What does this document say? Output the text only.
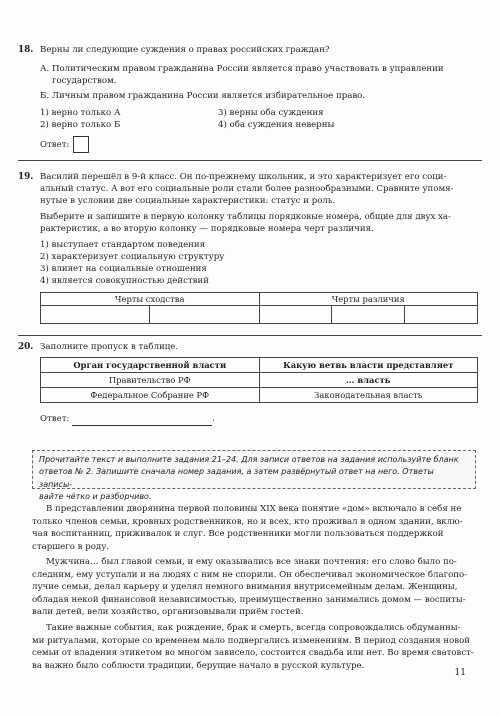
18. Верны ли следующие суждения о правах российских граждан?
А. Политическим правом гражданина России является право участвовать в управлении
государством.
Б. Личным правом гражданина России является избирательное право.
1) верно только А
2) верно только Б
3) верны оба суждения
4) оба суждения неверны
Ответ:
19. Василий перешёл в 9-й класс. Он по-прежнему школьник, и это характеризует его соци-
альный статус. А вот его социальные роли стали более разнообразными. Сравните упомя-
нутые в условии две социальные характеристики: статус и роль.
Выберите и запишите в первую колонку таблицы порядковые номера, общие для двух ха-
рактеристик, а во вторую колонку — порядковые номера черт различия.
1) выступает стандартом поведения
2) характеризует социальную структуру
3) влияет на социальные отношения
4) является совокупностью действий
Черты сходства		Черты различия		

20. Заполните пропуск в таблице.
Орган государственной власти	Какую ветвь власти представляет
Правительство РФ	… власть
Федеральное Собрание РФ	Законодательная власть
Ответ:	.
Прочитайте текст и выполните задания 21–24. Для записи ответов на задания используйте бланк
ответов № 2. Запишите сначала номер задания, а затем развёрнутый ответ на него. Ответы записы-
вайте чётко и разборчиво.
В представлении дворянина первой половины XIX века понятие «дом» включало в себя не
только членов семьи, кровных родственников, но и всех, кто проживал в одном здании, вклю-
чая воспитанниц, приживалок и слуг. Все родственники могли пользоваться поддержкой
старшего в роду.
Мужчина… был главой семьи, и ему оказывались все знаки почтения: его слово было по-
следним, ему уступали и на людях с ним не спорили. Он обеспечивал экономическое благопо-
лучие семьи, делал карьеру и уделял немного внимания внутрисемейным делам. Женщины,
обладая некой финансовой независимостью, преимущественно занимались домом — воспиты-
вали детей, вели хозяйство, организовывали приём гостей.
Такие важные события, как рождение, брак и смерть, всегда сопровождались обдуманны-
ми ритуалами, которые со временем мало подвергались изменениям. В период создания новой
семьи от владения этикетом во многом зависело, состоится свадьба или нет. Во время сватовст-
ва важно было соблюсти традиции, берущие начало в русской культуре.
11
